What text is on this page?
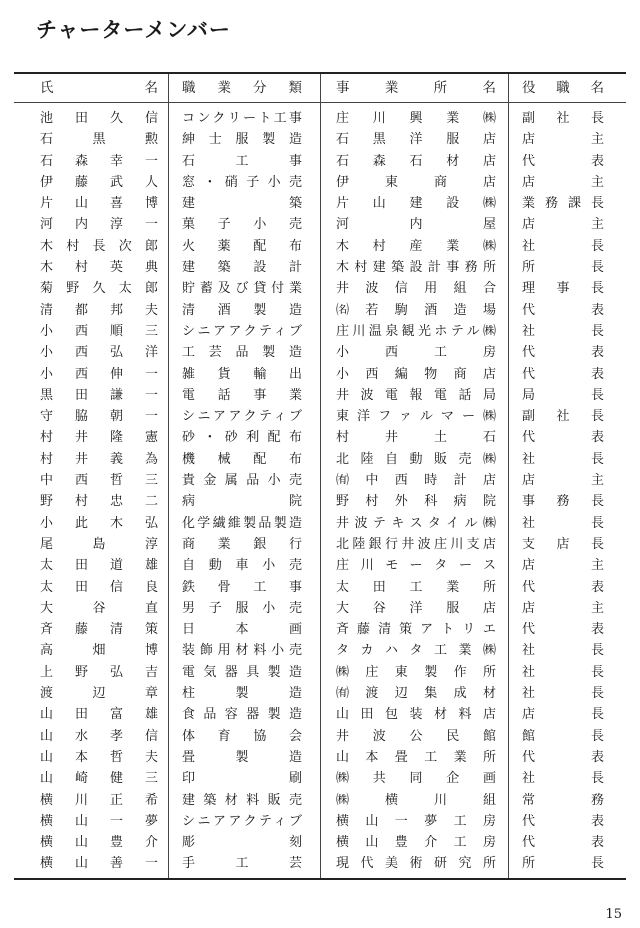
チャーターメンバー
氏名 職業分類	事業所名 役職名
池田久信 コンクリート工事	庄川興業㈱ 副社長
石黒勲 紳士服製造	石黒洋服店 店主
石森幸一 石工事	石森石材店 代表
伊藤武人 窓・硝子小売	伊東商店 店主
片山喜博 建築	片山建設㈱ 業務課長
河内淳一 菓子小売	河内屋 店主
木村長次郎 火薬配布	木村産業㈱ 社長
木村英典 建築設計	木村建築設計事務所 所長
菊野久太郎 貯蓄及び貸付業	井波信用組合 理事長
清都邦夫 清酒製造	㈴若駒酒造場 代表
小西順三 シニアアクティブ	庄川温泉観光ホテル㈱ 社長
小西弘洋 工芸品製造	小西工房 代表
小西伸一 雑貨輸出	小西編物商店 代表
黒田謙一 電話事業	井波電報電話局 局長
守脇朝一 シニアアクティブ	東洋ファルマー㈱ 副社長
村井隆憲 砂・砂利配布	村井土石 代表
村井義為 機械配布	北陸自動販売㈱ 社長
中西哲三 貴金属品小売	㈲中西時計店 店主
野村忠二 病院	野村外科病院 事務長
小此木弘 化学繊維製品製造	井波テキスタイル㈱ 社長
尾島淳 商業銀行	北陸銀行井波庄川支店 支店長
太田道雄 自動車小売	庄川モータース 店主
太田信良 鉄骨工事	太田工業所 代表
大谷直 男子服小売	大谷洋服店 店主
斉藤清策 日本画	斉藤清策アトリエ 代表
高畑博 装飾用材料小売	タカハタ工業㈱ 社長
上野弘吉 電気器具製造	㈱庄東製作所 社長
渡辺章 柱製造	㈲渡辺集成材 社長
山田富雄 食品容器製造	山田包装材料店 店長
山水孝信 体育協会	井波公民館 館長
山本哲夫 畳製造	山本畳工業所 代表
山崎健三 印刷	㈱共同企画 社長
横川正希 建築材料販売	㈱横川組 常務
横山一夢 シニアアクティブ	横山一夢工房 代表
横山豊介 彫刻	横山豊介工房 代表
横山善一 手工芸	現代美術研究所 所長
15
